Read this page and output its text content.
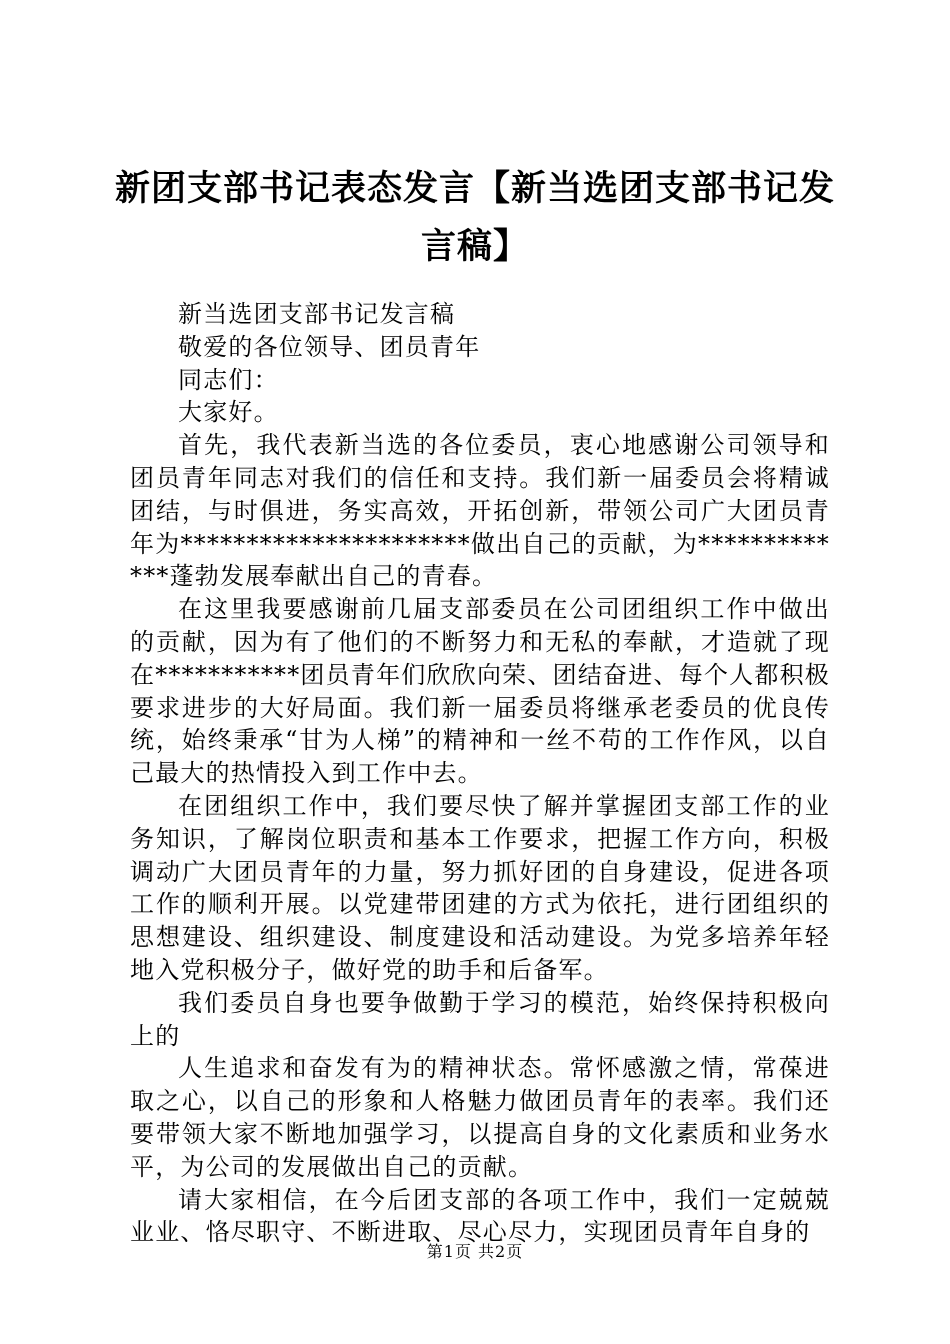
新团支部书记表态发言【新当选团支部书记发言稿】

新当选团支部书记发言稿

敬爱的各位领导、团员青年

同志们：

大家好。

首先，我代表新当选的各位委员，衷心地感谢公司领导和团员青年同志对我们的信任和支持。我们新一届委员会将精诚团结，与时俱进，务实高效，开拓创新，带领公司广大团员青年为**********************做出自己的贡献，为*************蓬勃发展奉献出自己的青春。

在这里我要感谢前几届支部委员在公司团组织工作中做出的贡献，因为有了他们的不断努力和无私的奉献，才造就了现在***********团员青年们欣欣向荣、团结奋进、每个人都积极要求进步的大好局面。我们新一届委员将继承老委员的优良传统，始终秉承“甘为人梯”的精神和一丝不苟的工作作风，以自己最大的热情投入到工作中去。

在团组织工作中，我们要尽快了解并掌握团支部工作的业务知识，了解岗位职责和基本工作要求，把握工作方向，积极调动广大团员青年的力量，努力抓好团的自身建设，促进各项工作的顺利开展。以党建带团建的方式为依托，进行团组织的思想建设、组织建设、制度建设和活动建设。为党多培养年轻地入党积极分子，做好党的助手和后备军。

我们委员自身也要争做勤于学习的模范，始终保持积极向上的

人生追求和奋发有为的精神状态。常怀感激之情，常葆进取之心，以自己的形象和人格魅力做团员青年的表率。我们还要带领大家不断地加强学习，以提高自身的文化素质和业务水平，为公司的发展做出自己的贡献。

请大家相信，在今后团支部的各项工作中，我们一定兢兢业业、恪尽职守、不断进取、尽心尽力，实现团员青年自身的

第1页 共2页
